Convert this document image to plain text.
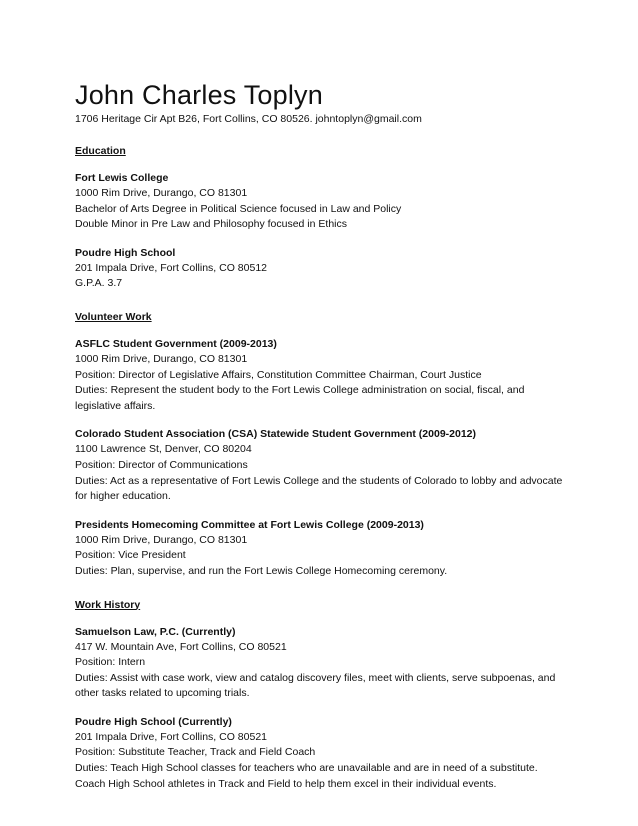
John Charles Toplyn
1706 Heritage Cir Apt B26, Fort Collins, CO 80526. johntoplyn@gmail.com
Education
Fort Lewis College
1000 Rim Drive, Durango, CO 81301
Bachelor of Arts Degree in Political Science focused in Law and Policy
Double Minor in Pre Law and Philosophy focused in Ethics
Poudre High School
201 Impala Drive, Fort Collins, CO 80512
G.P.A. 3.7
Volunteer Work
ASFLC Student Government (2009-2013)
1000 Rim Drive, Durango, CO 81301
Position: Director of Legislative Affairs, Constitution Committee Chairman, Court Justice
Duties: Represent the student body to the Fort Lewis College administration on social, fiscal, and
legislative affairs.
Colorado Student Association (CSA) Statewide Student Government (2009-2012)
1100 Lawrence St, Denver, CO 80204
Position: Director of Communications
Duties: Act as a representative of Fort Lewis College and the students of Colorado to lobby and advocate
for higher education.
Presidents Homecoming Committee at Fort Lewis College (2009-2013)
1000 Rim Drive, Durango, CO 81301
Position: Vice President
Duties: Plan, supervise, and run the Fort Lewis College Homecoming ceremony.
Work History
Samuelson Law, P.C. (Currently)
417 W. Mountain Ave, Fort Collins, CO 80521
Position: Intern
Duties: Assist with case work, view and catalog discovery files, meet with clients, serve subpoenas, and
other tasks related to upcoming trials.
Poudre High School (Currently)
201 Impala Drive, Fort Collins, CO 80521
Position: Substitute Teacher, Track and Field Coach
Duties: Teach High School classes for teachers who are unavailable and are in need of a substitute.
Coach High School athletes in Track and Field to help them excel in their individual events.
